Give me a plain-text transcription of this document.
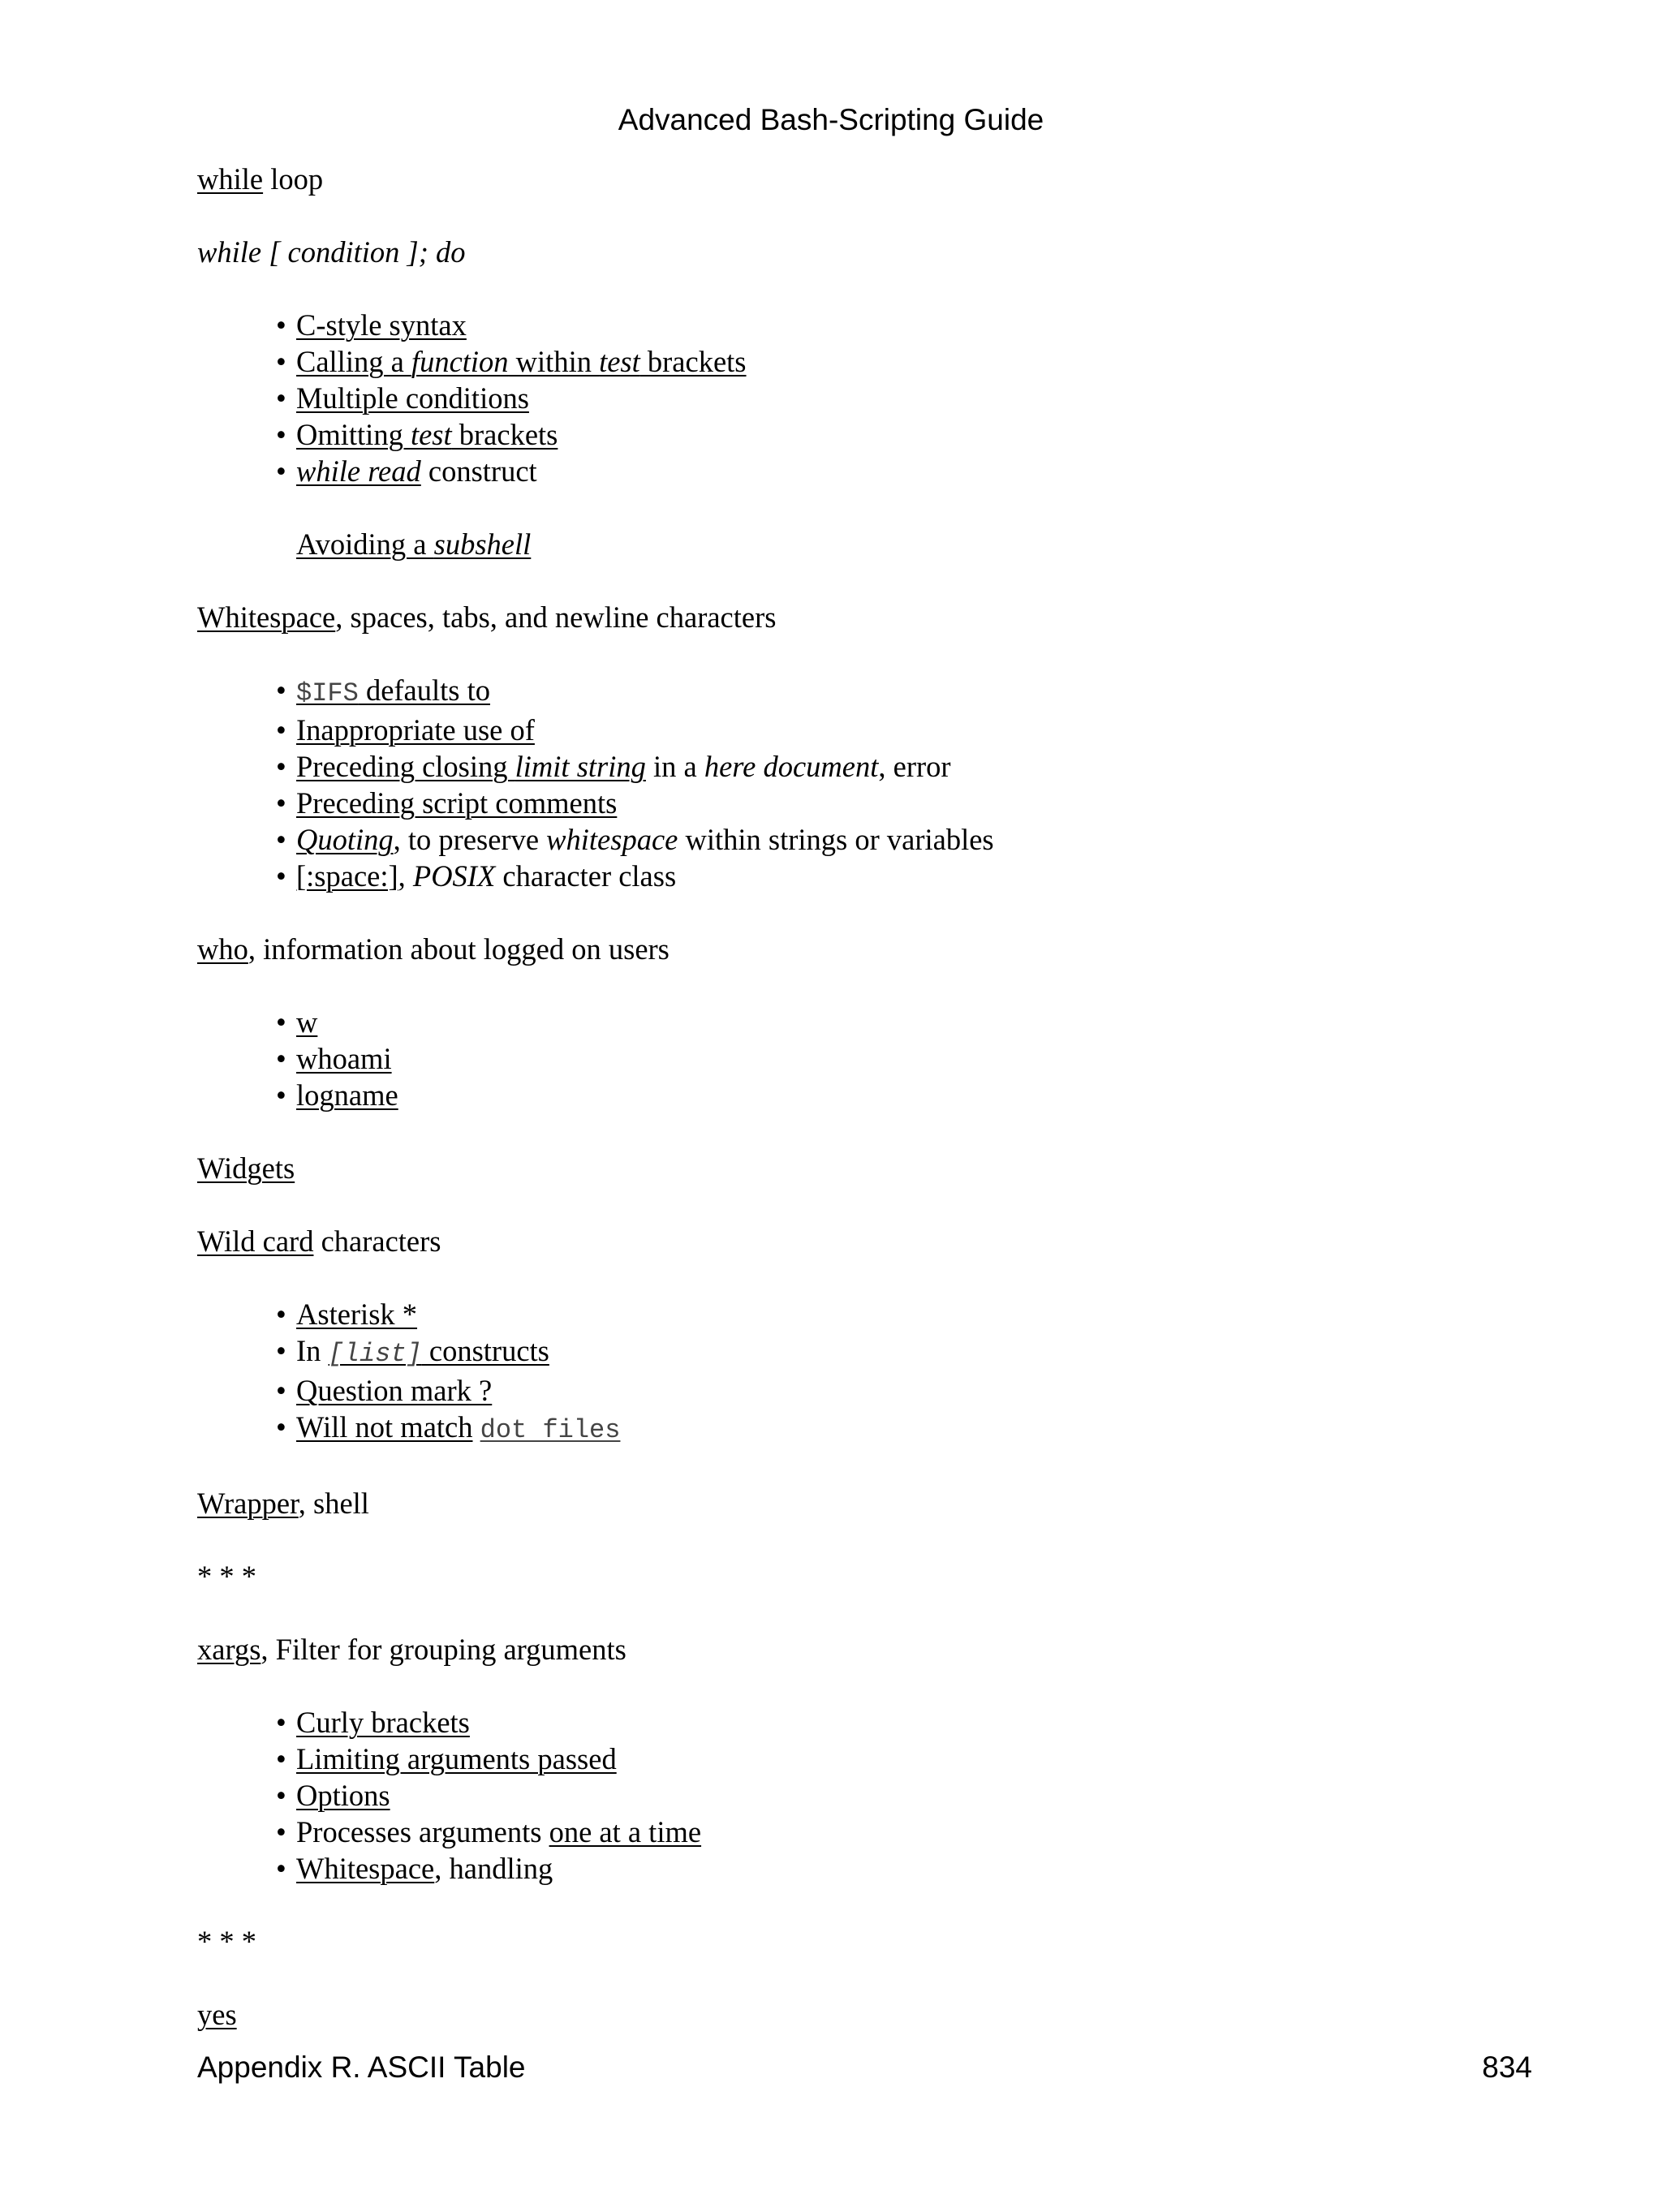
Advanced Bash-Scripting Guide
while loop
while [ condition ]; do
• C-style syntax
• Calling a function within test brackets
• Multiple conditions
• Omitting test brackets
• while read construct
Avoiding a subshell
Whitespace, spaces, tabs, and newline characters
• $IFS defaults to
• Inappropriate use of
• Preceding closing limit string in a here document, error
• Preceding script comments
• Quoting, to preserve whitespace within strings or variables
• [:space:], POSIX character class
who, information about logged on users
• w
• whoami
• logname
Widgets
Wild card characters
• Asterisk *
• In [list] constructs
• Question mark ?
• Will not match dot files
Wrapper, shell
* * *
xargs, Filter for grouping arguments
• Curly brackets
• Limiting arguments passed
• Options
• Processes arguments one at a time
• Whitespace, handling
* * *
yes
Appendix R. ASCII Table	834
